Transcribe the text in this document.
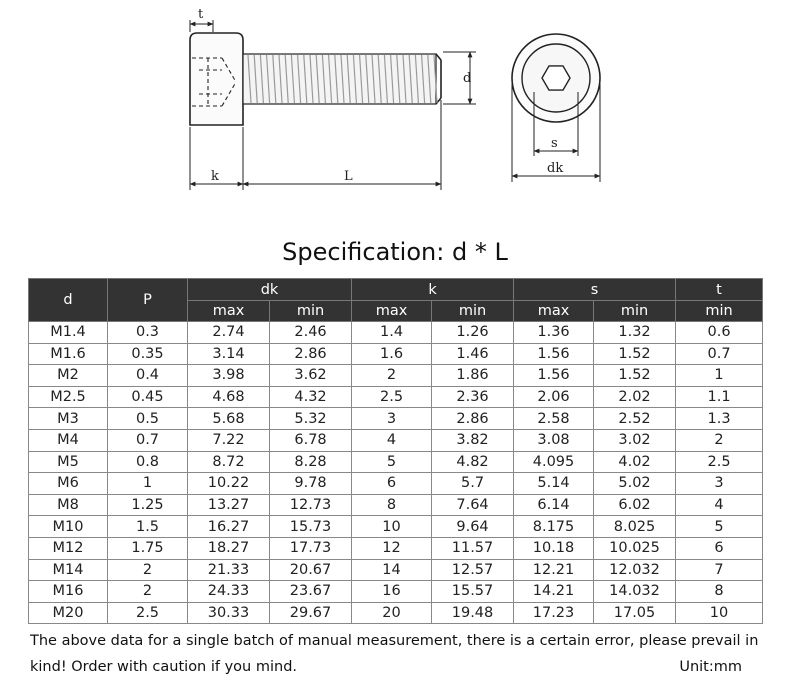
t
k	L
d
s
dk
Specification: d * L
d	P	dk		k		s		t
		max	min	max	min	max	min	min
M1.4	0.3	2.74	2.46	1.4	1.26	1.36	1.32	0.6
M1.6	0.35	3.14	2.86	1.6	1.46	1.56	1.52	0.7
M2	0.4	3.98	3.62	2	1.86	1.56	1.52	1
M2.5	0.45	4.68	4.32	2.5	2.36	2.06	2.02	1.1
M3	0.5	5.68	5.32	3	2.86	2.58	2.52	1.3
M4	0.7	7.22	6.78	4	3.82	3.08	3.02	2
M5	0.8	8.72	8.28	5	4.82	4.095	4.02	2.5
M6	1	10.22	9.78	6	5.7	5.14	5.02	3
M8	1.25	13.27	12.73	8	7.64	6.14	6.02	4
M10	1.5	16.27	15.73	10	9.64	8.175	8.025	5
M12	1.75	18.27	17.73	12	11.57	10.18	10.025	6
M14	2	21.33	20.67	14	12.57	12.21	12.032	7
M16	2	24.33	23.67	16	15.57	14.21	14.032	8
M20	2.5	30.33	29.67	20	19.48	17.23	17.05	10
The above data for a single batch of manual measurement, there is a certain error, please prevail in kind! Order with caution if you mind.	Unit:mm
